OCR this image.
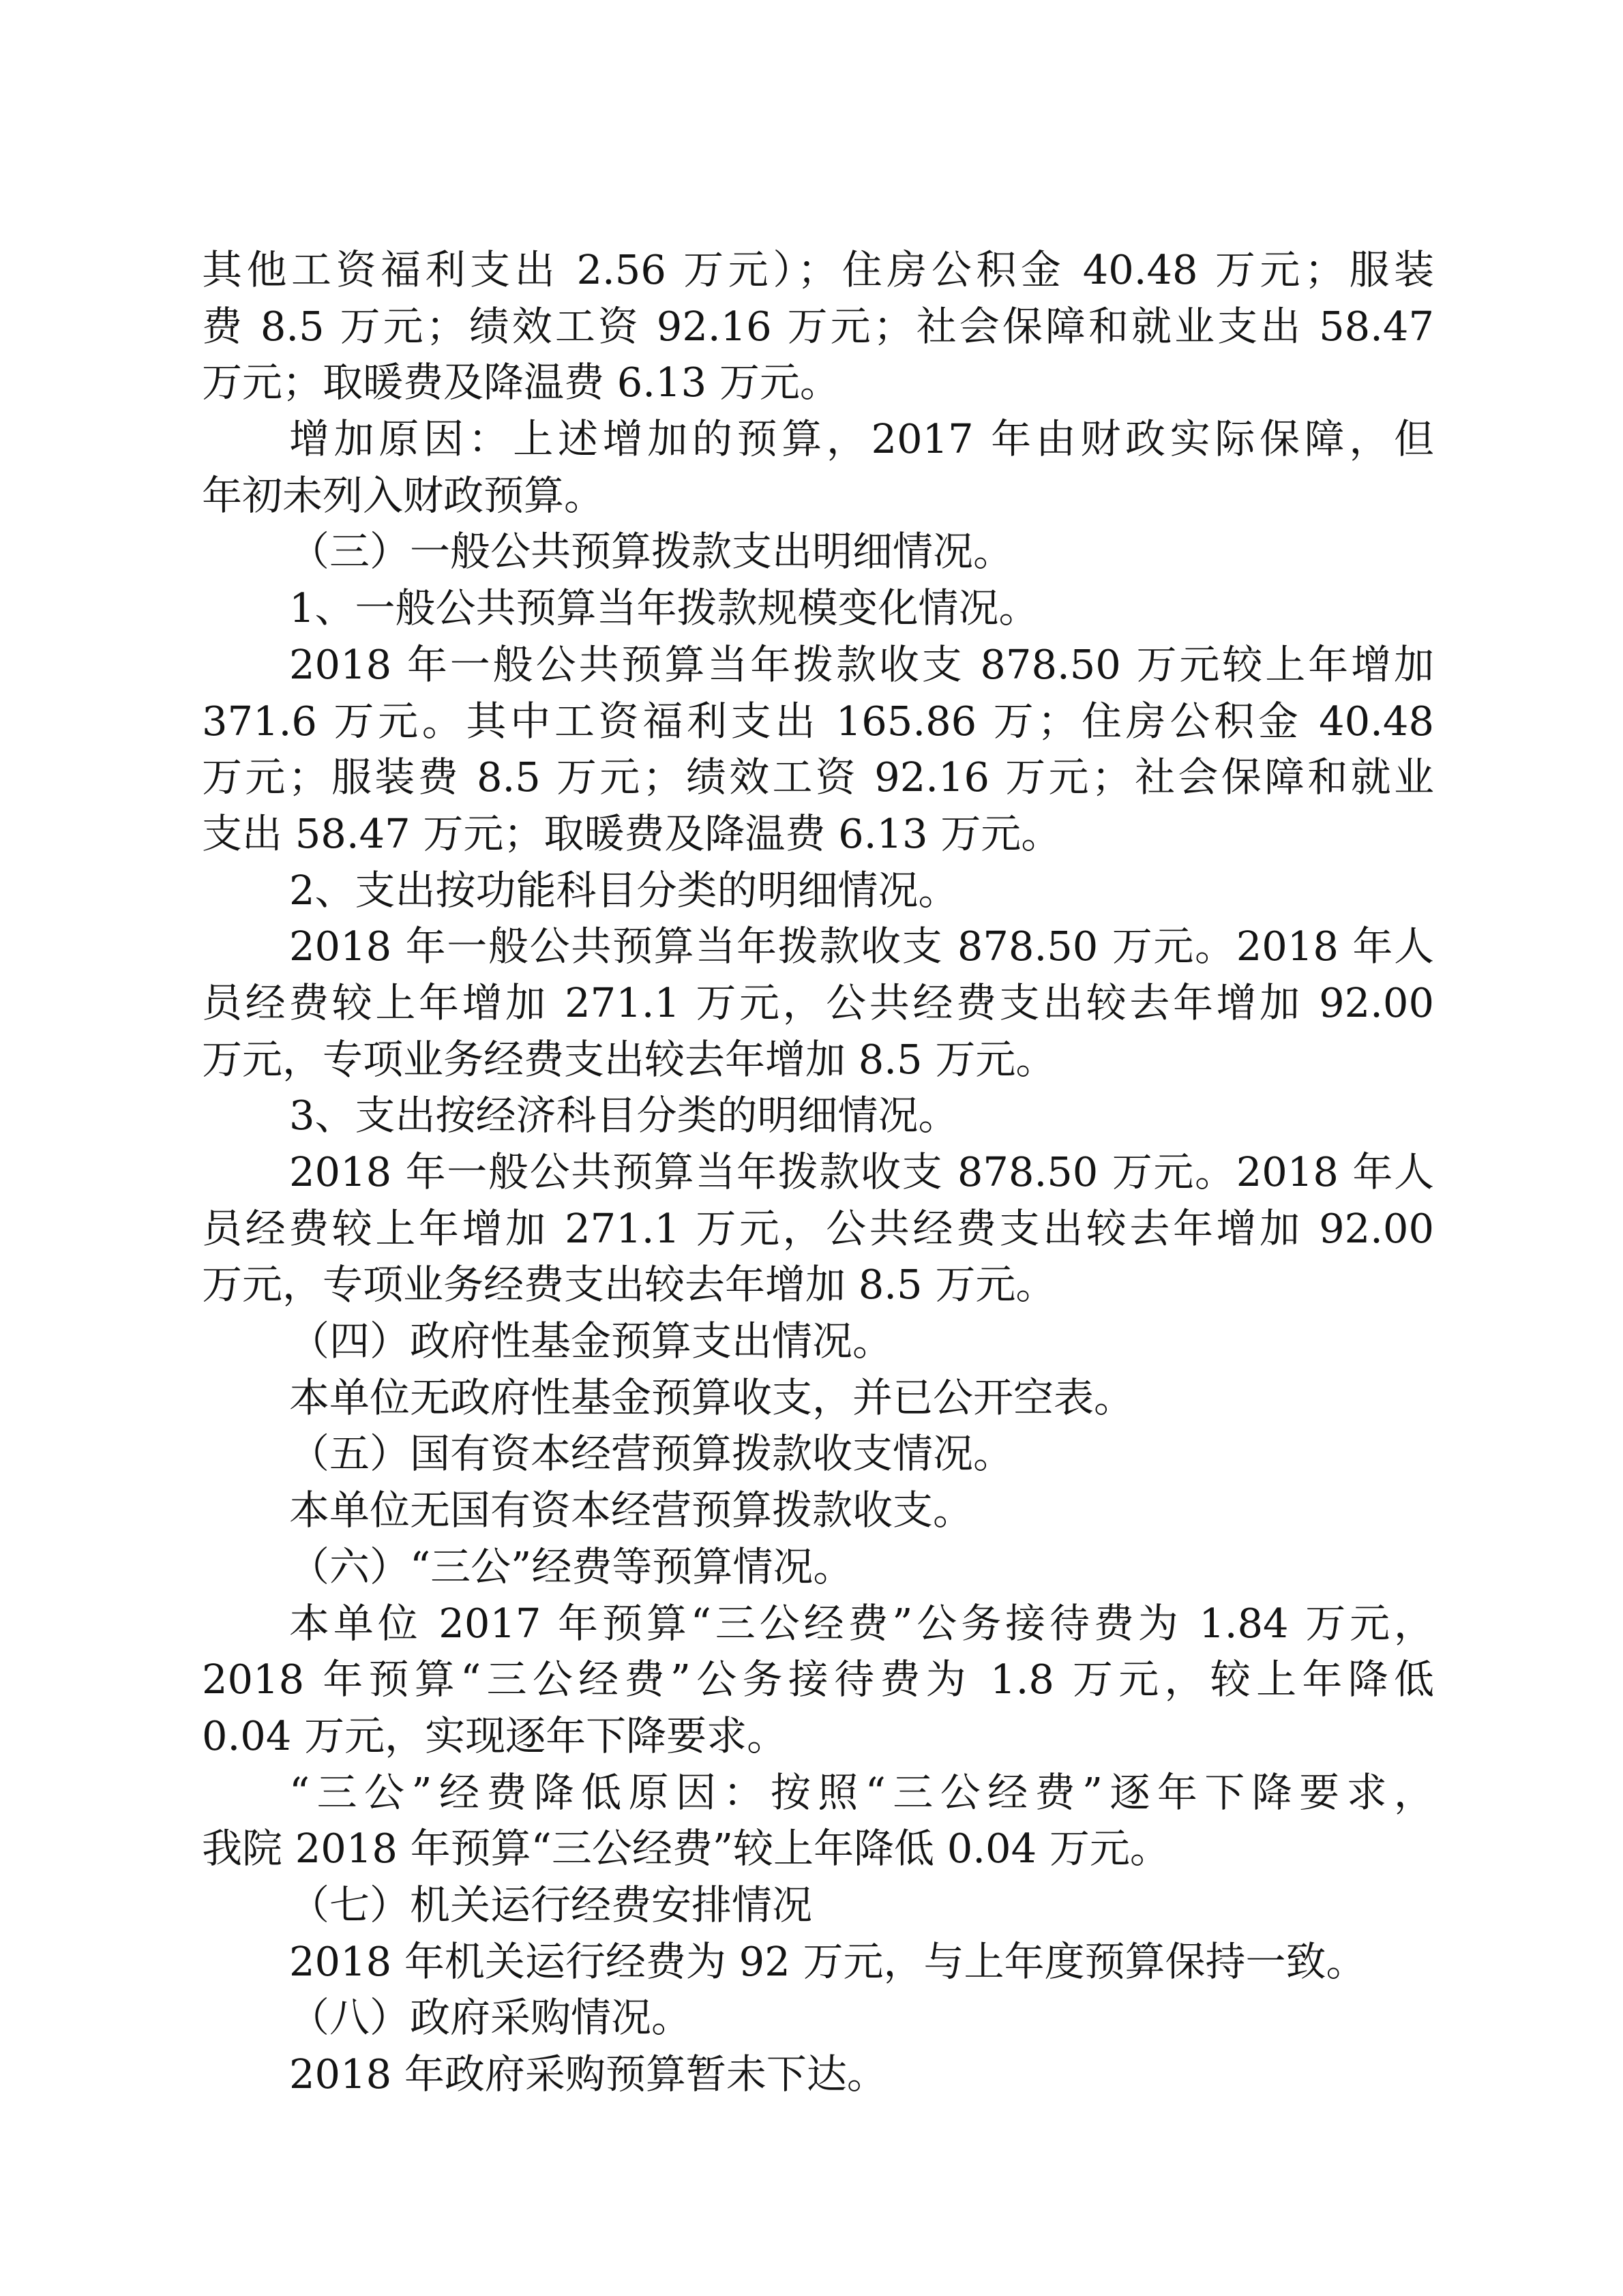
其他工资福利支出 2.56 万元）；住房公积金 40.48 万元；服装
费 8.5 万元；绩效工资 92.16 万元；社会保障和就业支出 58.47
万元；取暖费及降温费 6.13 万元。
增加原因：上述增加的预算，2017 年由财政实际保障，但
年初未列入财政预算。
（三）一般公共预算拨款支出明细情况。
1、一般公共预算当年拨款规模变化情况。
2018 年一般公共预算当年拨款收支 878.50 万元较上年增加
371.6 万元。其中工资福利支出 165.86 万；住房公积金 40.48
万元；服装费 8.5 万元；绩效工资 92.16 万元；社会保障和就业
支出 58.47 万元；取暖费及降温费 6.13 万元。
2、支出按功能科目分类的明细情况。
2018 年一般公共预算当年拨款收支 878.50 万元。2018 年人
员经费较上年增加 271.1 万元，公共经费支出较去年增加 92.00
万元，专项业务经费支出较去年增加 8.5 万元。
3、支出按经济科目分类的明细情况。
2018 年一般公共预算当年拨款收支 878.50 万元。2018 年人
员经费较上年增加 271.1 万元，公共经费支出较去年增加 92.00
万元，专项业务经费支出较去年增加 8.5 万元。
（四）政府性基金预算支出情况。
本单位无政府性基金预算收支，并已公开空表。
（五）国有资本经营预算拨款收支情况。
本单位无国有资本经营预算拨款收支。
（六）“三公”经费等预算情况。
本单位 2017 年预算“三公经费”公务接待费为 1.84 万元，
2018 年预算“三公经费”公务接待费为 1.8 万元，较上年降低
0.04 万元，实现逐年下降要求。
“三公”经费降低原因：按照“三公经费”逐年下降要求，
我院 2018 年预算“三公经费”较上年降低 0.04 万元。
（七）机关运行经费安排情况
2018 年机关运行经费为 92 万元，与上年度预算保持一致。
（八）政府采购情况。
2018 年政府采购预算暂未下达。
